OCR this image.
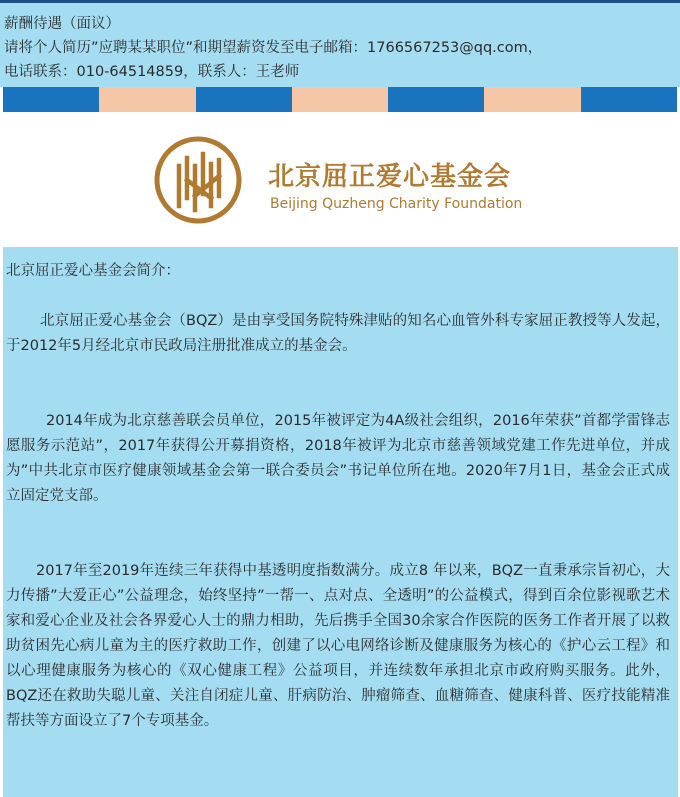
薪酬待遇（面议）
请将个人简历”应聘某某职位”和期望薪资发至电子邮箱：1766567253@qq.com，
电话联系：010-64514859，联系人：王老师
北京屈正爱心基金会
Beijing Quzheng Charity Foundation

北京屈正爱心基金会简介：

北京屈正爱心基金会（BQZ）是由享受国务院特殊津贴的知名心血管外科专家屈正教授等人发起，于2012年5月经北京市民政局注册批准成立的基金会。

2014年成为北京慈善联会员单位，2015年被评定为4A级社会组织，2016年荣获”首都学雷锋志愿服务示范站”，2017年获得公开募捐资格，2018年被评为北京市慈善领域党建工作先进单位，并成为”中共北京市医疗健康领域基金会第一联合委员会”书记单位所在地。2020年7月1日，基金会正式成立固定党支部。

2017年至2019年连续三年获得中基透明度指数满分。成立8 年以来，BQZ一直秉承宗旨初心，大力传播”大爱正心”公益理念，始终坚持”一帮一、点对点、全透明”的公益模式，得到百余位影视歌艺术家和爱心企业及社会各界爱心人士的鼎力相助，先后携手全国30余家合作医院的医务工作者开展了以救助贫困先心病儿童为主的医疗救助工作，创建了以心电网络诊断及健康服务为核心的《护心云工程》和以心理健康服务为核心的《双心健康工程》公益项目，并连续数年承担北京市政府购买服务。此外，BQZ还在救助失聪儿童、关注自闭症儿童、肝病防治、肿瘤筛查、血糖筛查、健康科普、医疗技能精准帮扶等方面设立了7个专项基金。
